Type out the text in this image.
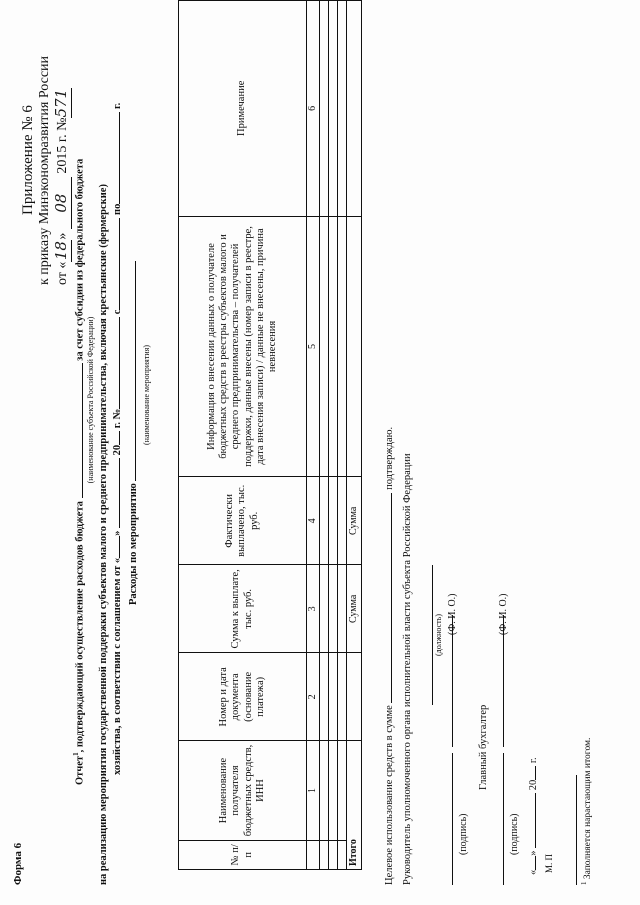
Форма 6
Приложение № 6 к приказу Минэкономразвития России от «18» 08 2015 г. №571
Отчет$^1$, подтверждающий осуществление расходов бюджета  за счет субсидии из федерального бюджета
(наименование субъекта Российской Федерации) на реализацию мероприятия государственной поддержки субъектов малого и среднего предпринимательства, включая крестьянские (фермерские) хозяйства, в соответствии с соглашением от «»  20 г. № с по г.
Расходы по мероприятию
(наименование мероприятия)
№ п/п	Наименование получателя бюджетных средств, ИНН	Номер и дата документа (основание платежа)	Сумма к выплате, тыс. руб.	Фактически выплачено, тыс. руб.	Информация о внесении данных о получателе бюджетных средств в реестры субъектов малого и среднего предпринимательства – получателей поддержки, данные внесены (номер записи в реестре, дата внесения записи) / данные не внесены, причина невнесения	Примечание
	1	2	3	4	5	6

Итого			Сумма	Сумма		
Целевое использование средств в сумме  подтверждаю. Руководитель уполномоченного органа исполнительной власти субъекта Российской Федерации	(должность) (Ф. И. О.)
(подпись)
Главный бухгалтер
(Ф. И. О.)
(подпись)
«»  20 г.
М. П
$^1$ Заполняется нарастающим итогом.
